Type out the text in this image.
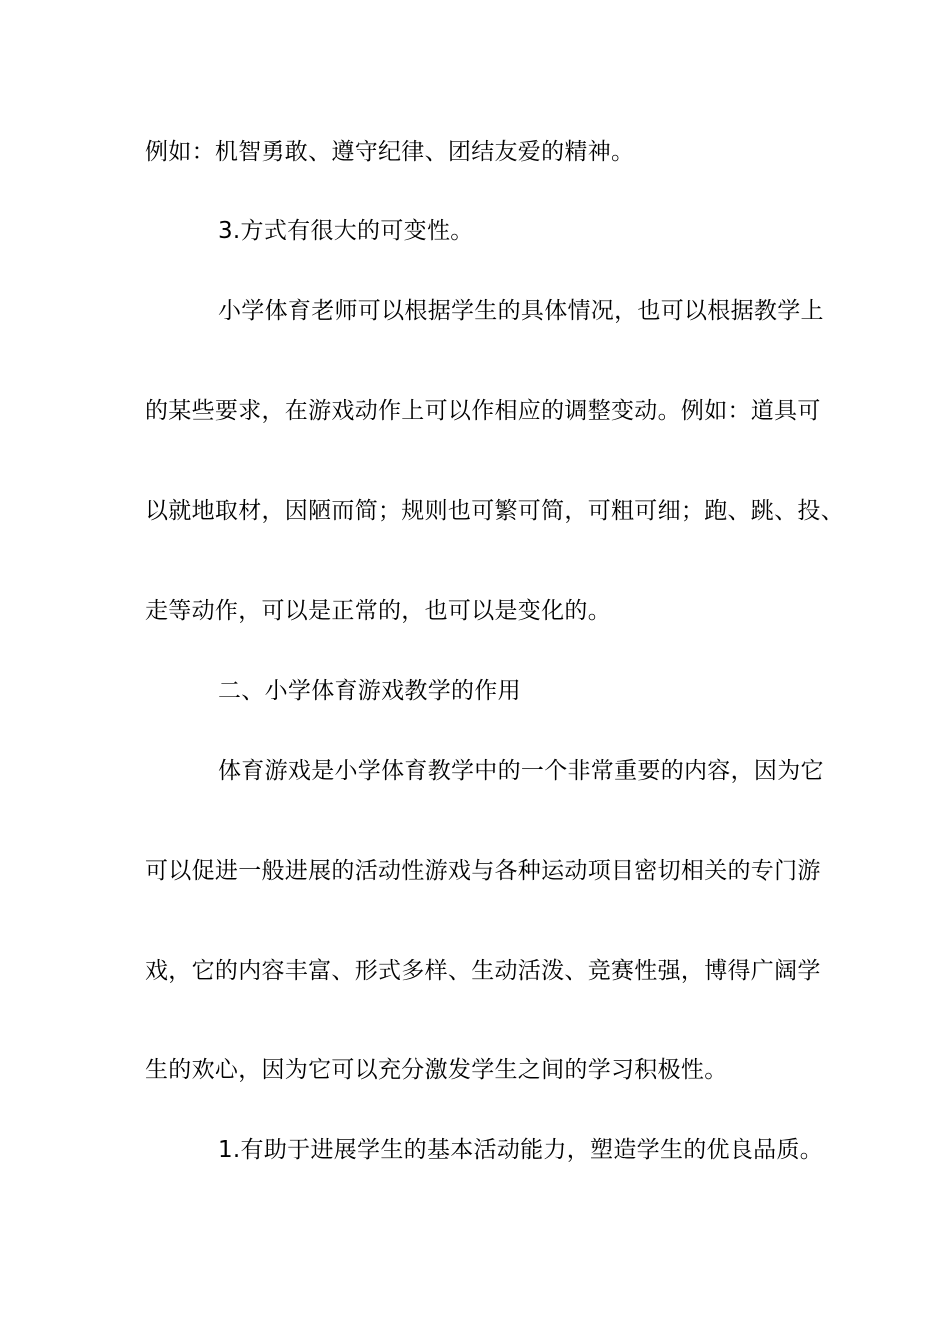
例如：机智勇敢、遵守纪律、团结友爱的精神。
3.方式有很大的可变性。
小学体育老师可以根据学生的具体情况，也可以根据教学上
的某些要求，在游戏动作上可以作相应的调整变动。例如：道具可
以就地取材，因陋而简；规则也可繁可简，可粗可细；跑、跳、投、
走等动作，可以是正常的，也可以是变化的。
二、小学体育游戏教学的作用
体育游戏是小学体育教学中的一个非常重要的内容，因为它
可以促进一般进展的活动性游戏与各种运动项目密切相关的专门游
戏，它的内容丰富、形式多样、生动活泼、竞赛性强，博得广阔学
生的欢心，因为它可以充分激发学生之间的学习积极性。
1.有助于进展学生的基本活动能力，塑造学生的优良品质。
